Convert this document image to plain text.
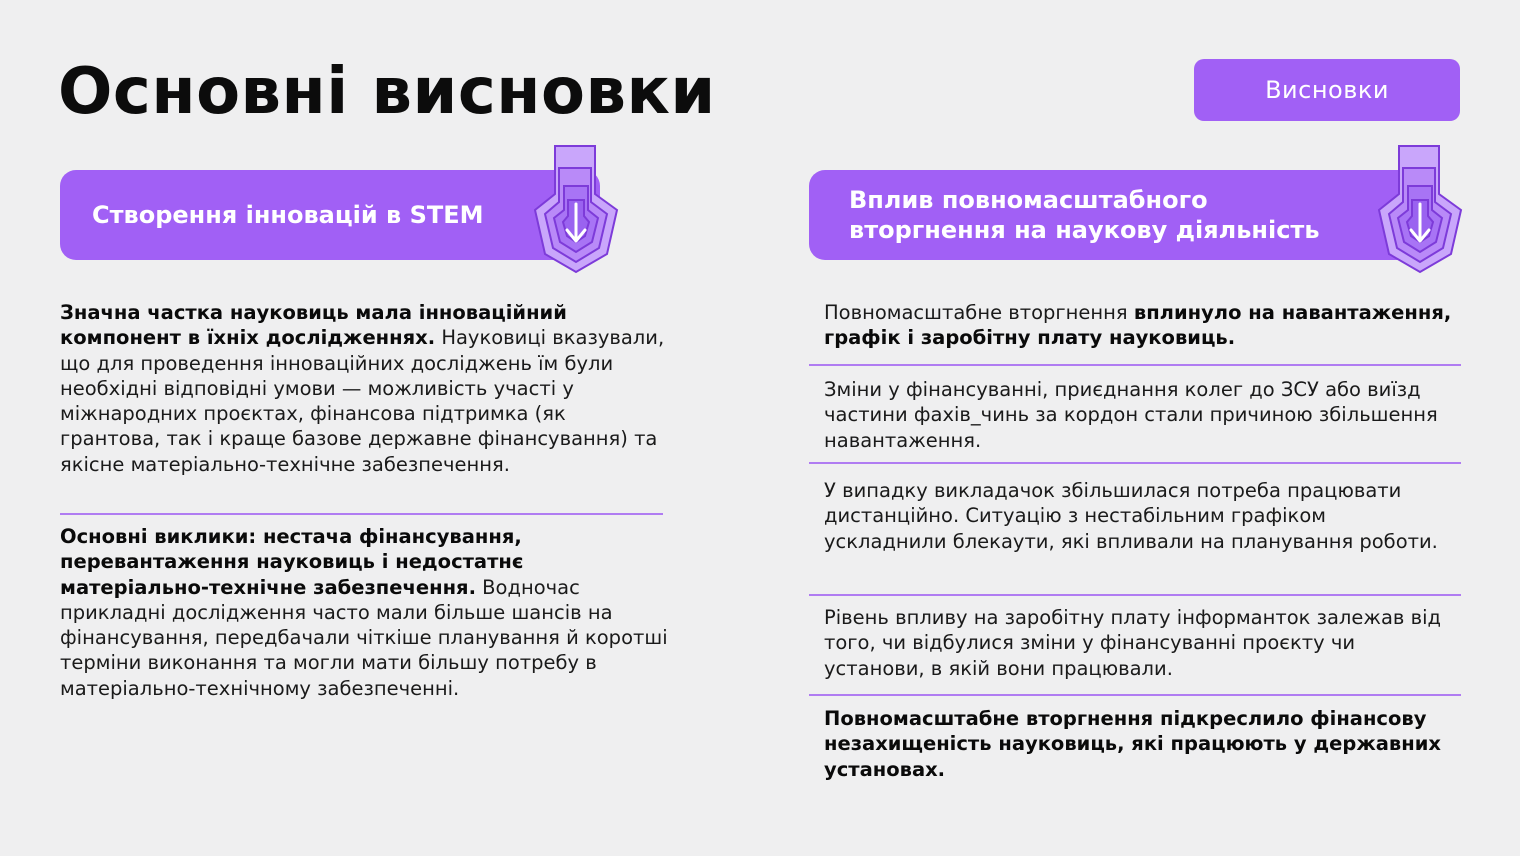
Основні висновки	Висновки
Створення інновацій в STEM
Вплив повномасштабного
вторгнення на наукову діяльність

Значна частка науковиць мала інноваційний компонент в їхніх дослідженнях. Науковиці вказували, що для проведення інноваційних досліджень їм були необхідні відповідні умови — можливість участі у міжнародних проєктах, фінансова підтримка (як грантова, так і краще базове державне фінансування) та якісне матеріально-технічне забезпечення.

Основні виклики: нестача фінансування, перевантаження науковиць і недостатнє матеріально-технічне забезпечення. Водночас прикладні дослідження часто мали більше шансів на фінансування, передбачали чіткіше планування й коротші терміни виконання та могли мати більшу потребу в матеріально-технічному забезпеченні.

Повномасштабне вторгнення вплинуло на навантаження, графік і заробітну плату науковиць.

Зміни у фінансуванні, приєднання колег до ЗСУ або виїзд частини фахів_чинь за кордон стали причиною збільшення навантаження.

У випадку викладачок збільшилася потреба працювати дистанційно. Ситуацію з нестабільним графіком ускладнили блекаути, які впливали на планування роботи.

Рівень впливу на заробітну плату інформанток залежав від того, чи відбулися зміни у фінансуванні проєкту чи установи, в якій вони працювали.

Повномасштабне вторгнення підкреслило фінансову незахищеність науковиць, які працюють у державних установах.
